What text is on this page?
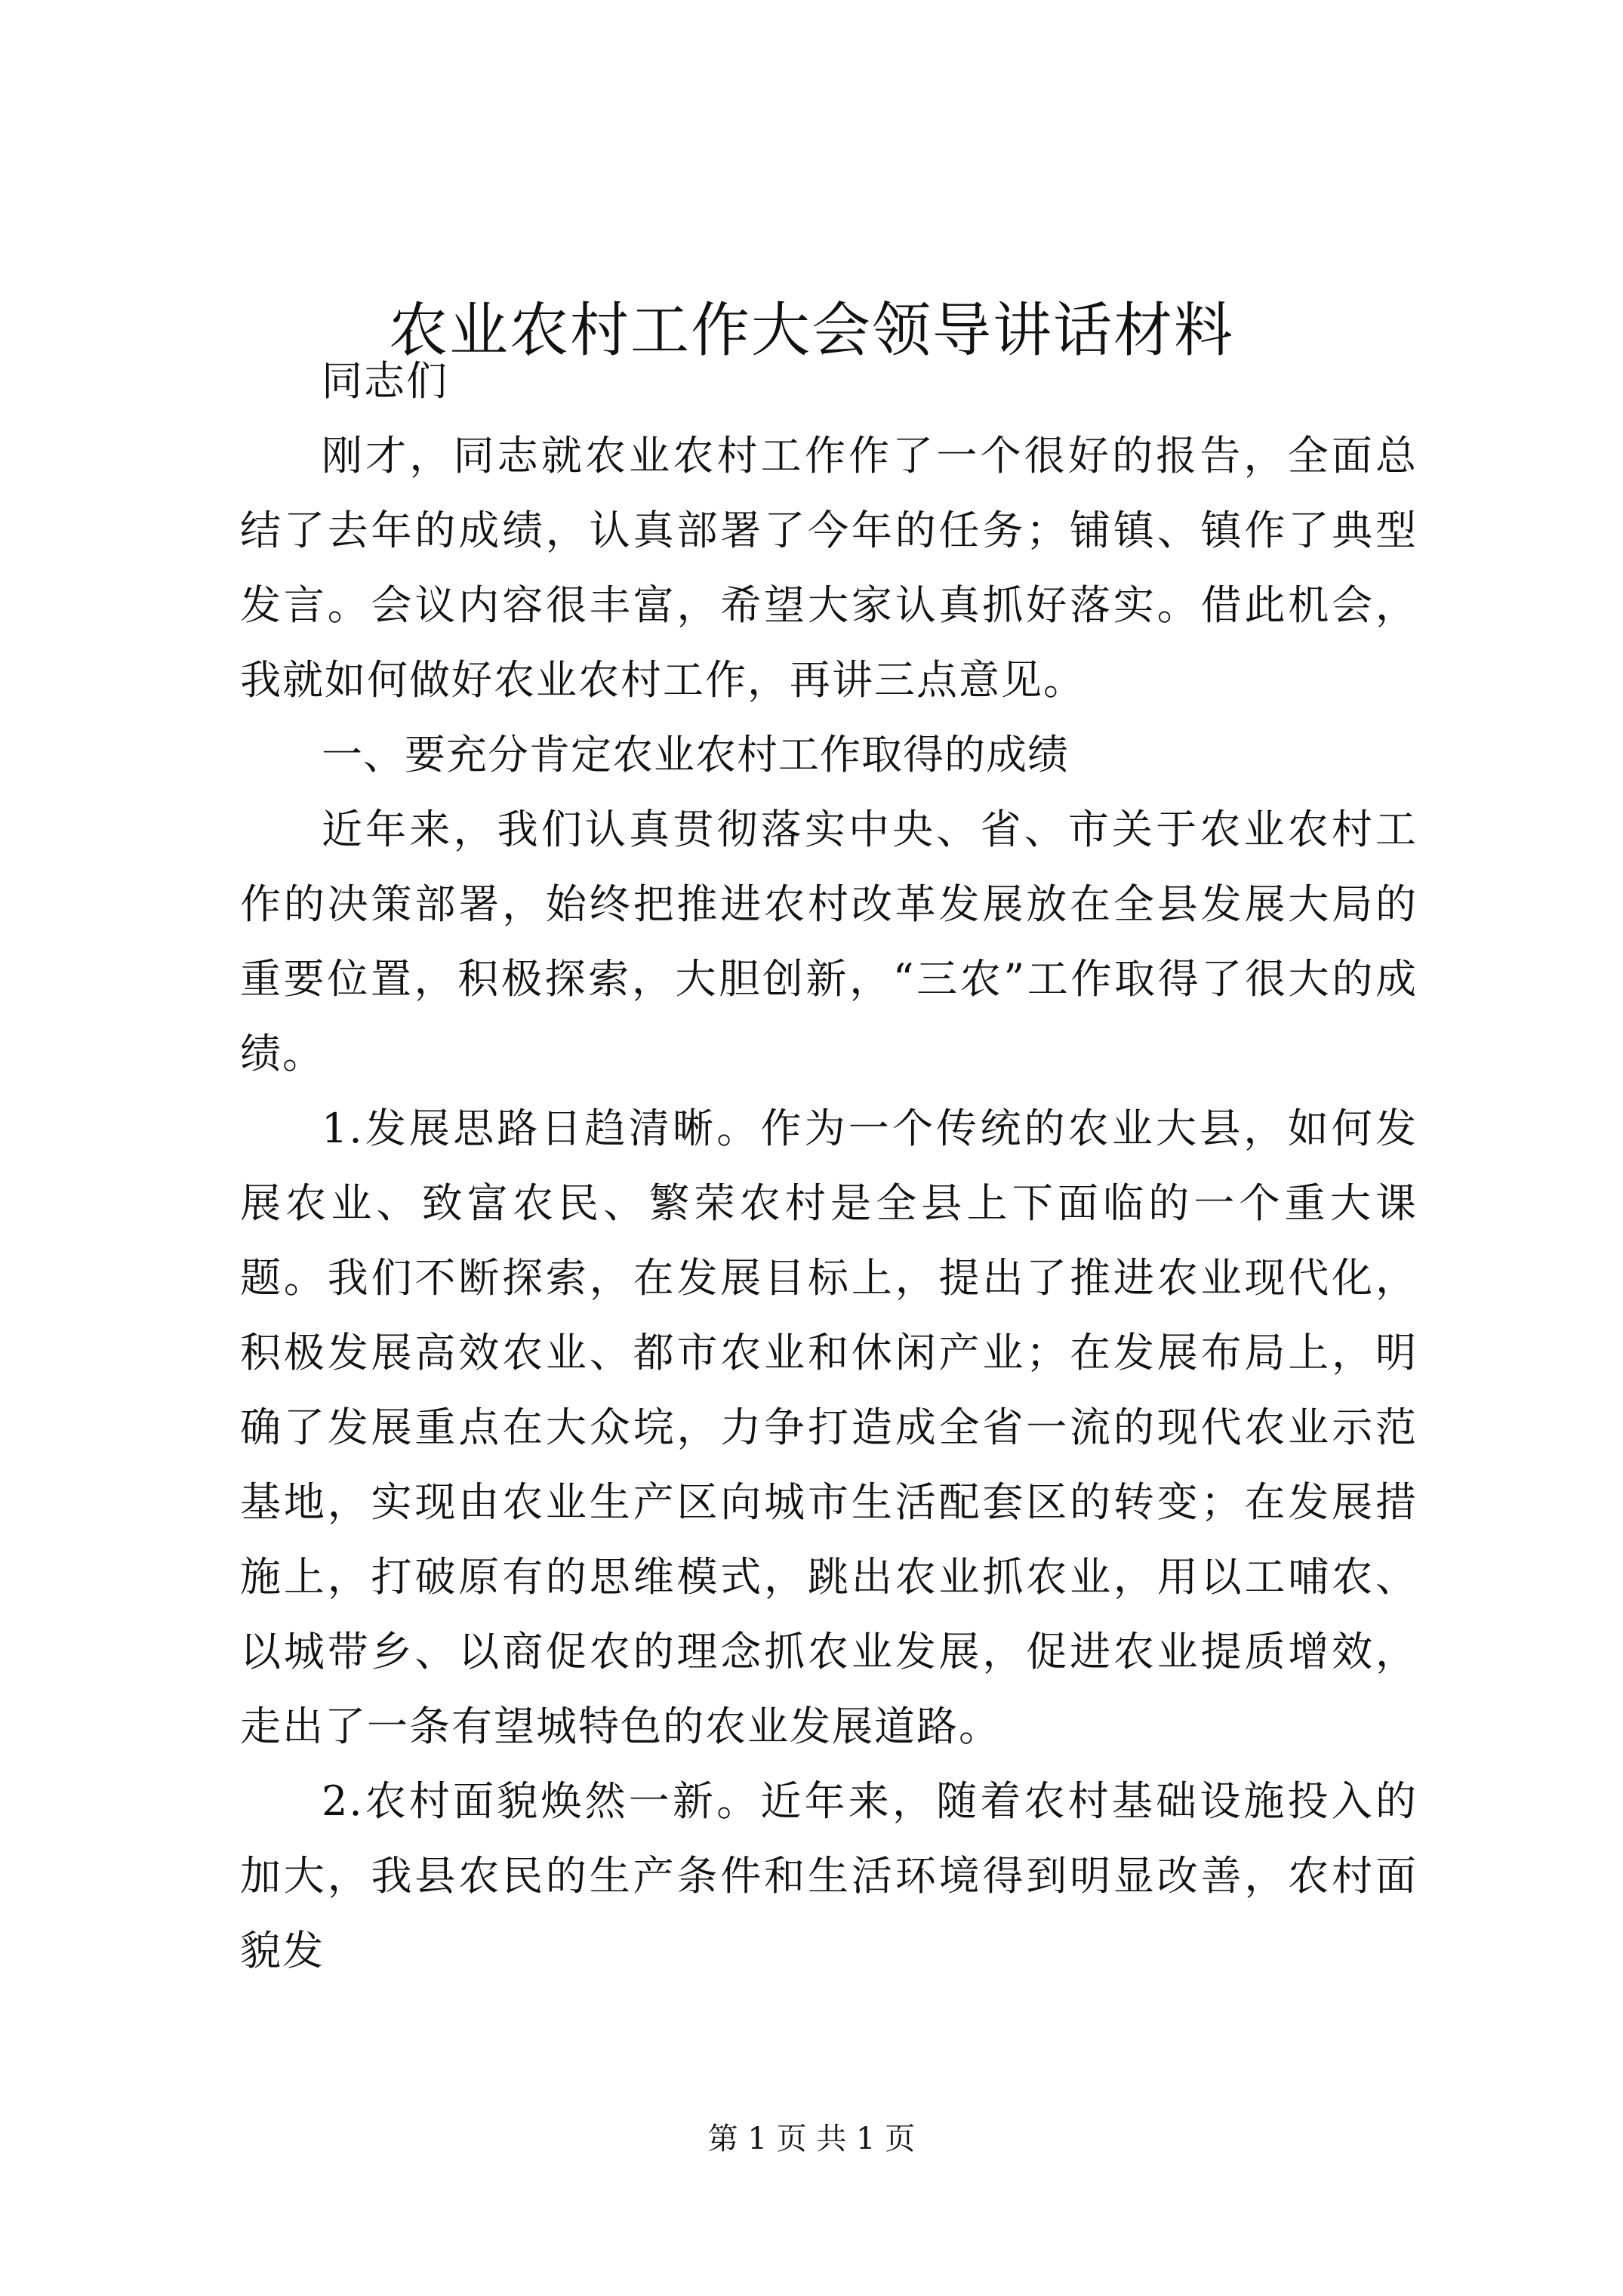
农业农村工作大会领导讲话材料

同志们

刚才，同志就农业农村工作作了一个很好的报告，全面总结了去年的成绩，认真部署了今年的任务；铺镇、镇作了典型发言。会议内容很丰富，希望大家认真抓好落实。借此机会，我就如何做好农业农村工作，再讲三点意见。

一、要充分肯定农业农村工作取得的成绩

近年来，我们认真贯彻落实中央、省、市关于农业农村工作的决策部署，始终把推进农村改革发展放在全县发展大局的重要位置，积极探索，大胆创新，“三农”工作取得了很大的成绩。

1.发展思路日趋清晰。作为一个传统的农业大县，如何发展农业、致富农民、繁荣农村是全县上下面临的一个重大课题。我们不断探索，在发展目标上，提出了推进农业现代化，积极发展高效农业、都市农业和休闲产业；在发展布局上，明确了发展重点在大众垸，力争打造成全省一流的现代农业示范基地，实现由农业生产区向城市生活配套区的转变；在发展措施上，打破原有的思维模式，跳出农业抓农业，用以工哺农、以城带乡、以商促农的理念抓农业发展，促进农业提质增效，走出了一条有望城特色的农业发展道路。

2.农村面貌焕然一新。近年来，随着农村基础设施投入的加大，我县农民的生产条件和生活环境得到明显改善，农村面貌发

第 1 页 共 1 页
